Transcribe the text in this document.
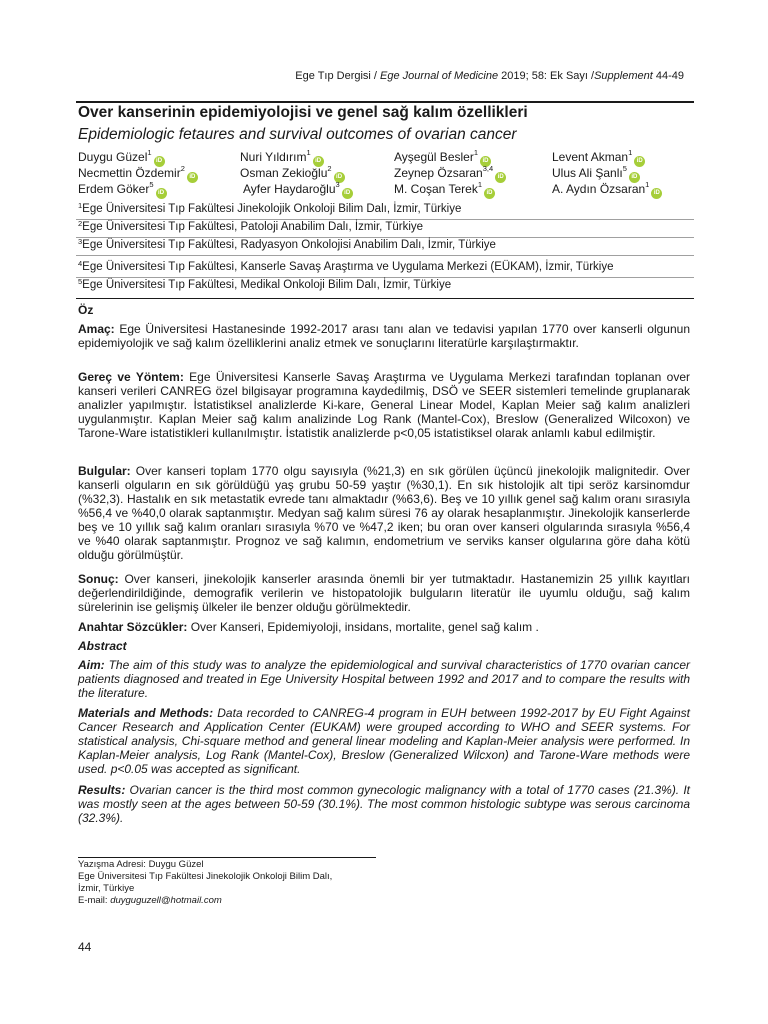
Ege Tıp Dergisi / Ege Journal of Medicine 2019; 58: Ek Sayı /Supplement 44-49
Over kanserinin epidemiyolojisi ve genel sağ kalım özellikleri
Epidemiologic fetaures and survival outcomes of ovarian cancer
Duygu Güzel$^1$iD	Nuri Yıldırım$^1$iD	Ayşegül Besler$^1$iD	Levent Akman$^1$iD
Necmettin Özdemir$^2$iD	Osman Zekioğlu$^2$iD	Zeynep Özsaran$^{3,4}$iD	Ulus Ali Şanlı$^5$iD
Erdem Göker$^5$iD	Ayfer Haydaroğlu$^3$iD	M. Coşan Terek$^1$iD	A. Aydın Özsaran$^1$iD
$^1$Ege Üniversitesi Tıp Fakültesi Jinekolojik Onkoloji Bilim Dalı, İzmir, Türkiye
$^2$Ege Üniversitesi Tıp Fakültesi, Patoloji Anabilim Dalı, İzmir, Türkiye
$^3$Ege Üniversitesi Tıp Fakültesi, Radyasyon Onkolojisi Anabilim Dalı, İzmir, Türkiye
$^4$Ege Üniversitesi Tıp Fakültesi, Kanserle Savaş Araştırma ve Uygulama Merkezi (EÜKAM), İzmir, Türkiye
$^5$Ege Üniversitesi Tıp Fakültesi, Medikal Onkoloji Bilim Dalı, İzmir, Türkiye
Öz
Amaç: Ege Üniversitesi Hastanesinde 1992-2017 arası tanı alan ve tedavisi yapılan 1770 over kanserli olgunun epidemiyolojik ve sağ kalım özelliklerini analiz etmek ve sonuçlarını literatürle karşılaştırmaktır.
Gereç ve Yöntem: Ege Üniversitesi Kanserle Savaş Araştırma ve Uygulama Merkezi tarafından toplanan over kanseri verileri CANREG özel bilgisayar programına kaydedilmiş, DSÖ ve SEER sistemleri temelinde gruplanarak analizler yapılmıştır. İstatistiksel analizlerde Ki-kare, General Linear Model, Kaplan Meier sağ kalım analizleri uygulanmıştır. Kaplan Meier sağ kalım analizinde Log Rank (Mantel-Cox), Breslow (Generalized Wilcoxon) ve Tarone-Ware istatistikleri kullanılmıştır. İstatistik analizlerde p<0,05 istatistiksel olarak anlamlı kabul edilmiştir.
Bulgular: Over kanseri toplam 1770 olgu sayısıyla (%21,3) en sık görülen üçüncü jinekolojik malignitedir. Over kanserli olguların en sık görüldüğü yaş grubu 50-59 yaştır (%30,1). En sık histolojik alt tipi seröz karsinomdur (%32,3). Hastalık en sık metastatik evrede tanı almaktadır (%63,6). Beş ve 10 yıllık genel sağ kalım oranı sırasıyla %56,4 ve %40,0 olarak saptanmıştır. Medyan sağ kalım süresi 76 ay olarak hesaplanmıştır. Jinekolojik kanserlerde beş ve 10 yıllık sağ kalım oranları sırasıyla %70 ve %47,2 iken; bu oran over kanseri olgularında sırasıyla %56,4 ve %40 olarak saptanmıştır. Prognoz ve sağ kalımın, endometrium ve serviks kanser olgularına göre daha kötü olduğu görülmüştür.
Sonuç: Over kanseri, jinekolojik kanserler arasında önemli bir yer tutmaktadır. Hastanemizin 25 yıllık kayıtları değerlendirildiğinde, demografik verilerin ve histopatolojik bulguların literatür ile uyumlu olduğu, sağ kalım sürelerinin ise gelişmiş ülkeler ile benzer olduğu görülmektedir.
Anahtar Sözcükler: Over Kanseri, Epidemiyoloji, insidans, mortalite, genel sağ kalım .
Abstract
Aim: The aim of this study was to analyze the epidemiological and survival characteristics of 1770 ovarian cancer patients diagnosed and treated in Ege University Hospital between 1992 and 2017 and to compare the results with the literature.
Materials and Methods: Data recorded to CANREG-4 program in EUH between 1992-2017 by EU Fight Against Cancer Research and Application Center (EUKAM) were grouped according to WHO and SEER systems. For statistical analysis, Chi-square method and general linear modeling and Kaplan-Meier analysis were performed. In Kaplan-Meier analysis, Log Rank (Mantel-Cox), Breslow (Generalized Wilcxon) and Tarone-Ware methods were used. p<0.05 was accepted as significant.
Results: Ovarian cancer is the third most common gynecologic malignancy with a total of 1770 cases (21.3%). It was mostly seen at the ages between 50-59 (30.1%). The most common histologic subtype was serous carcinoma (32.3%).
Yazışma Adresi: Duygu Güzel
Ege Üniversitesi Tıp Fakültesi Jinekolojik Onkoloji Bilim Dalı,
İzmir, Türkiye
E-mail: duyguguzell@hotmail.com
44
